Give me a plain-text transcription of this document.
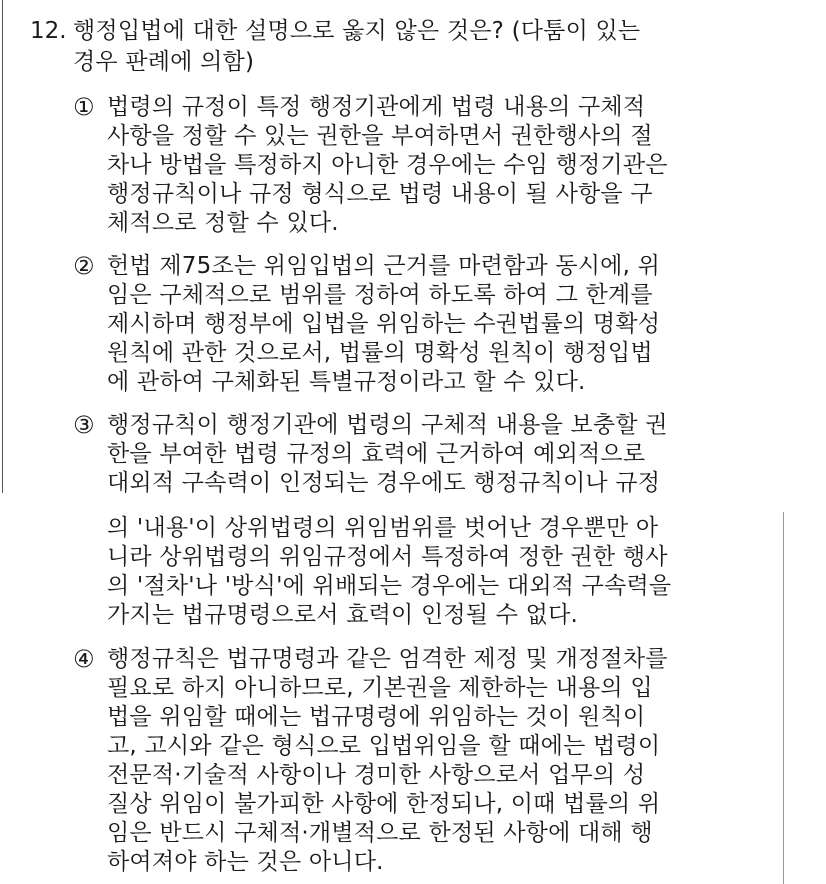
12. 행정입법에 대한 설명으로 옳지 않은 것은? (다툼이 있는
경우 판례에 의함)
① 법령의 규정이 특정 행정기관에게 법령 내용의 구체적
사항을 정할 수 있는 권한을 부여하면서 권한행사의 절
차나 방법을 특정하지 아니한 경우에는 수임 행정기관은
행정규칙이나 규정 형식으로 법령 내용이 될 사항을 구
체적으로 정할 수 있다.
② 헌법 제75조는 위임입법의 근거를 마련함과 동시에, 위
임은 구체적으로 범위를 정하여 하도록 하여 그 한계를
제시하며 행정부에 입법을 위임하는 수권법률의 명확성
원칙에 관한 것으로서, 법률의 명확성 원칙이 행정입법
에 관하여 구체화된 특별규정이라고 할 수 있다.
③ 행정규칙이 행정기관에 법령의 구체적 내용을 보충할 권
한을 부여한 법령 규정의 효력에 근거하여 예외적으로
대외적 구속력이 인정되는 경우에도 행정규칙이나 규정
의 '내용'이 상위법령의 위임범위를 벗어난 경우뿐만 아
니라 상위법령의 위임규정에서 특정하여 정한 권한 행사
의 '절차'나 '방식'에 위배되는 경우에는 대외적 구속력을
가지는 법규명령으로서 효력이 인정될 수 없다.
④ 행정규칙은 법규명령과 같은 엄격한 제정 및 개정절차를
필요로 하지 아니하므로, 기본권을 제한하는 내용의 입
법을 위임할 때에는 법규명령에 위임하는 것이 원칙이
고, 고시와 같은 형식으로 입법위임을 할 때에는 법령이
전문적·기술적 사항이나 경미한 사항으로서 업무의 성
질상 위임이 불가피한 사항에 한정되나, 이때 법률의 위
임은 반드시 구체적·개별적으로 한정된 사항에 대해 행
하여져야 하는 것은 아니다.
